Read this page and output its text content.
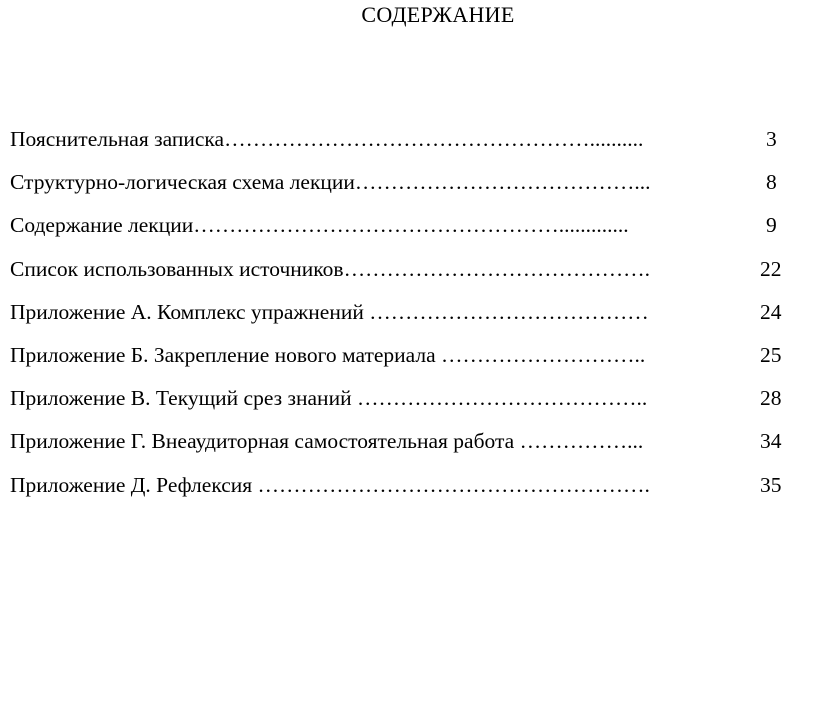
СОДЕРЖАНИЕ
Пояснительная записка……………………………………………..........	3
Структурно-логическая схема лекции…………………………………...	8
Содержание лекции…………………………………………….............	9
Список использованных источников…………………………………….	22
Приложение А. Комплекс упражнений …………………………………	24
Приложение Б. Закрепление нового материала ………………………..	25
Приложение В. Текущий срез знаний …………………………………..	28
Приложение Г. Внеаудиторная самостоятельная работа ……………...	34
Приложение Д. Рефлексия ……………………………………………….	35
